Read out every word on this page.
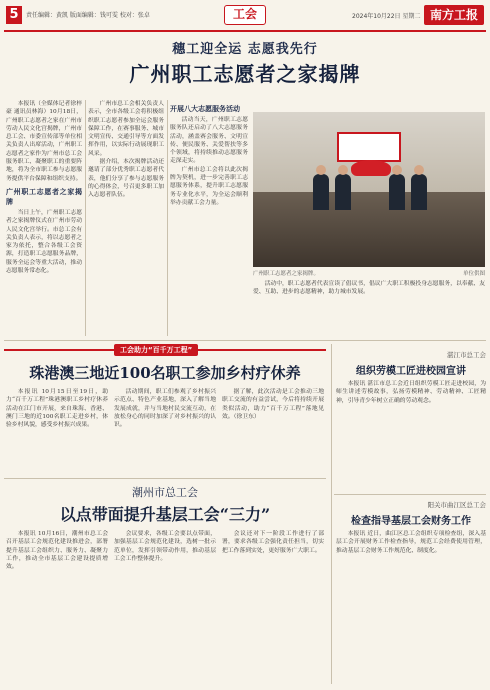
5	责任编辑：黄凯 版面编辑：钱可雯 校对：张卓	工会	2024年10月22日 星期二 南方工报
穗工迎全运 志愿我先行
广州职工志愿者之家揭牌

本报讯（全媒体记者徐梓豪 通讯员林海）10月18日，广州职工志愿者之家在广州市劳动人民文化宫揭牌，广州市总工会、市委宣传部等单位相关负责人出席活动，广州职工志愿者之家作为广州市总工会服务职工、凝聚职工的重要阵地，将为全市职工参与志愿服务提供平台保障和组织支持。

广州职工志愿者之家揭牌

当日上午，广州职工志愿者之家揭牌仪式在广州市劳动人民文化宫举行。市总工会有关负责人表示，将以志愿者之家为依托，整合各级工会资源，打造职工志愿服务品牌，服务全运会等重大活动，推动志愿服务常态化。

广州市总工会相关负责人表示，全市各级工会将积极组织职工志愿者参加全运会服务保障工作，在赛事服务、城市文明宣传、交通引导等方面发挥作用，以实际行动展现职工风采。

据介绍，本次揭牌活动还邀请了部分优秀职工志愿者代表，他们分享了参与志愿服务的心得体会，号召更多职工加入志愿者队伍。

开展八大志愿服务活动

活动当天，广州职工志愿服务队还启动了八大志愿服务活动，涵盖赛会服务、文明宣传、便民服务、关爱帮扶等多个领域，将持续推动志愿服务走深走实。

广州市总工会将以此次揭牌为契机，进一步完善职工志愿服务体系，提升职工志愿服务专业化水平，为全运会顺利举办贡献工会力量。

广州职工志愿者之家揭牌。	单位供图

活动中，职工志愿者代表宣读了倡议书，倡议广大职工积极投身志愿服务，以奉献、友爱、互助、进步的志愿精神，助力城市发展。

工会助力“百千万工程”
珠港澳三地近100名职工参加乡村疗休养

本报讯 10月15日至19日，助力“百千万工程”珠港澳职工乡村疗休养活动在江门市开展，来自珠海、香港、澳门三地的近100名职工走进乡村，体验乡村风貌，感受乡村振兴成果。

活动期间，职工们参观了乡村振兴示范点、特色产业基地，深入了解当地发展成就，并与当地村民交流互动，在放松身心的同时加深了对乡村振兴的认识。

据了解，此次活动是工会推动三地职工交流的有益尝试，今后将持续开展类似活动，助力“百千万工程”落地见效。（徐卫东）

潮州市总工会
以点带面提升基层工会“三力”

本报讯 10月16日，潮州市总工会召开基层工会规范化建设推进会，部署提升基层工会组织力、服务力、凝聚力工作，推动全市基层工会建设提质增效。

会议要求，各级工会要以点带面，加强基层工会规范化建设，选树一批示范单位，发挥引领带动作用，推动基层工会工作整体提升。

会议还对下一阶段工作进行了部署，要求各级工会强化责任担当，切实把工作落到实处，更好服务广大职工。

湛江市总工会
组织劳模工匠进校园宣讲

本报讯 湛江市总工会近日组织劳模工匠走进校园，为师生讲述劳模故事，弘扬劳模精神、劳动精神、工匠精神，引导青少年树立正确的劳动观念。

阳关市曲江区总工会
检查指导基层工会财务工作

本报讯 近日，曲江区总工会组织专项检查组，深入基层工会开展财务工作检查指导，规范工会经费使用管理，推动基层工会财务工作规范化、制度化。
